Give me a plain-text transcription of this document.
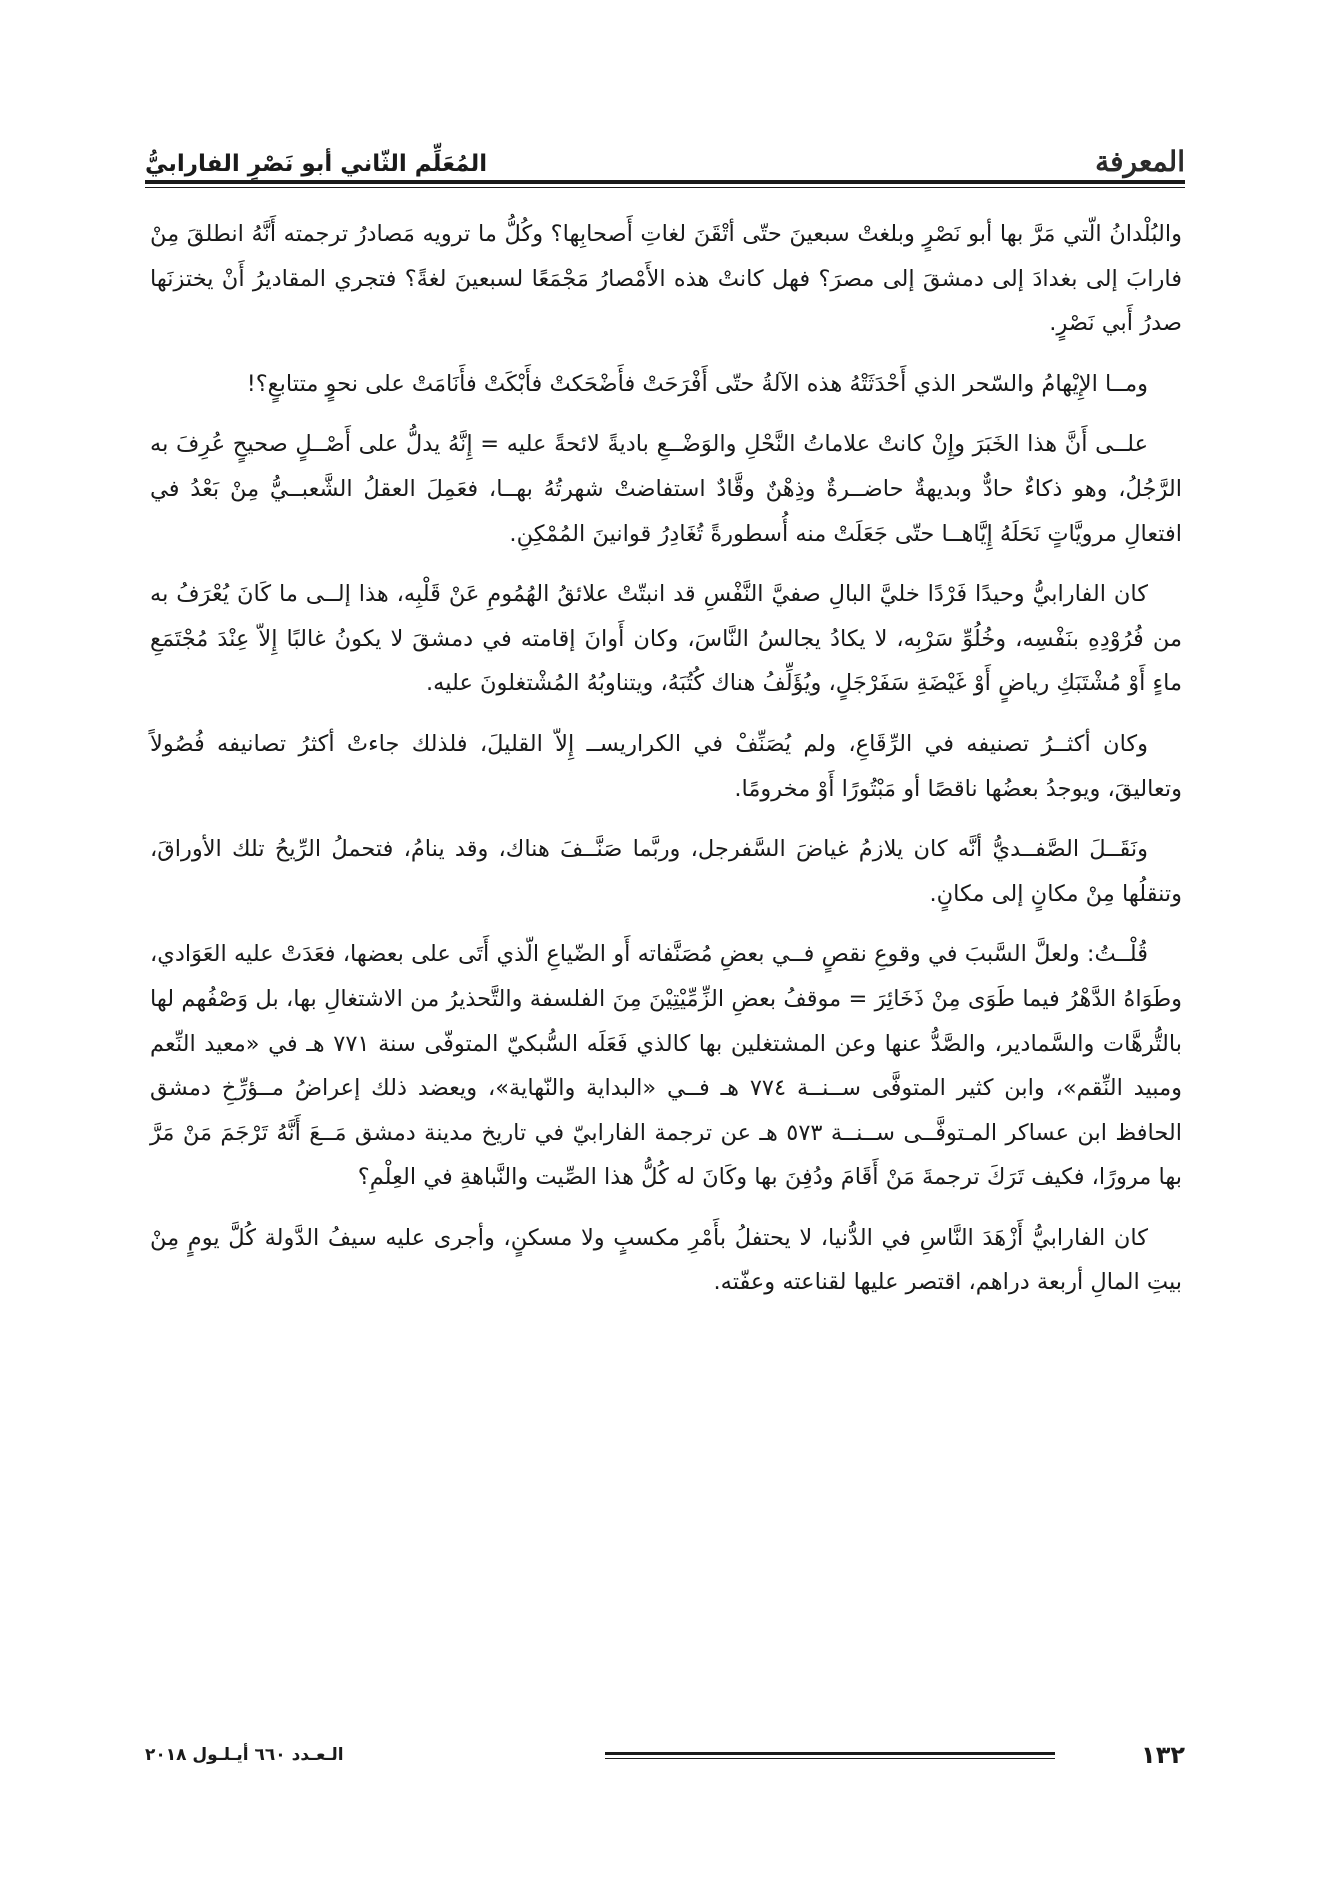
المعرفة
المُعَلِّم الثّاني أبو نَصْرٍ الفارابيُّ

والبُلْدانُ الّتي مَرَّ بها أبو نَصْرٍ وبلغتْ سبعينَ حتّى أتْقَنَ لغاتِ أَصحابِها؟ وكُلُّ ما ترويه مَصادرُ ترجمته أَنَّهُ انطلقَ مِنْ فارابَ إلى بغدادَ إلى دمشقَ إلى مصرَ؟ فهل كانتْ هذه الأَمْصارُ مَجْمَعًا لسبعينَ لغةً؟ فتجري المقاديرُ أَنْ يختزنَها صدرُ أَبي نَصْرٍ.

ومــا الإِيْهامُ والسّحر الذي أَحْدَثَتْهُ هذه الآلةُ حتّى أَفْرَحَتْ فأَضْحَكتْ فأَبْكَتْ فأَنَامَتْ على نحوٍ متتابعٍ؟!

علــى أَنَّ هذا الخَبَرَ وإِنْ كانتْ علاماتُ النَّحْلِ والوَضْــعِ باديةً لائحةً عليه = إِنَّهُ يدلُّ على أَصْــلٍ صحيحٍ عُرِفَ به الرَّجُلُ، وهو ذكاءٌ حادٌّ وبديهةٌ حاضــرةٌ وذِهْنٌ وقَّادٌ استفاضتْ شهرتُهُ بهــا، فعَمِلَ العقلُ الشَّعبــيُّ مِنْ بَعْدُ في افتعالِ مرويَّاتٍ نَحَلَهُ إِيَّاهــا حتّى جَعَلَتْ منه أُسطورةً تُغَادِرُ قوانينَ المُمْكِنِ.

كان الفارابيُّ وحيدًا فَرْدًا خليَّ البالِ صفيَّ النَّفْسِ قد انبتّتْ علائقُ الهُمُومِ عَنْ قَلْبِه، هذا إلــى ما كَانَ يُعْرَفُ به من فُرُوْدِهِ بنَفْسِه، وخُلُوِّ سَرْبِه، لا يكادُ يجالسُ النَّاسَ، وكان أَوانَ إقامته في دمشقَ لا يكونُ غالبًا إِلاّ عِنْدَ مُجْتَمَعِ ماءٍ أَوْ مُشْتَبَكِ رياضٍ أَوْ غَيْضَةِ سَفَرْجَلٍ، ويُؤَلِّفُ هناك كُتُبَهُ، ويتناوبُهُ المُشْتغلونَ عليه.

وكان أكثــرُ تصنيفه في الرِّقَاعِ، ولم يُصَنِّفْ في الكراريســ إِلاّ القليلَ، فلذلك جاءتْ أكثرُ تصانيفه فُصُولاً وتعاليقَ، ويوجدُ بعضُها ناقصًا أو مَبْتُورًا أَوْ مخرومًا.

ونَقَــلَ الصَّفــديُّ أنَّه كان يلازمُ غياضَ السَّفرجل، وربَّما صَنَّــفَ هناك، وقد ينامُ، فتحملُ الرِّيحُ تلك الأوراقَ، وتنقلُها مِنْ مكانٍ إلى مكانٍ.

قُلْــتُ: ولعلَّ السَّببَ في وقوعِ نقصٍ فــي بعضِ مُصَنَّفاته أَو الضّياعِ الّذي أَتَى على بعضها، فعَدَتْ عليه العَوَادي، وطَوَاهُ الدَّهْرُ فيما طَوَى مِنْ ذَخَائِرَ = موقفُ بعضِ الزِّمِّيْتِيْنَ مِنَ الفلسفة والتَّحذيرُ من الاشتغالِ بها، بل وَصْفُهم لها بالتُّرهَّات والسَّمادير، والصَّدُّ عنها وعن المشتغلين بها كالذي فَعَلَه السُّبكيّ المتوفّى سنة ٧٧١ هـ في «معيد النِّعم ومبيد النِّقم»، وابن كثير المتوفَّى ســنــة ٧٧٤ هـ فــي «البداية والنّهاية»، ويعضد ذلك إعراضُ مــؤرِّخِ دمشق الحافظ ابن عساكر المـتوفَّــى ســنــة ٥٧٣ هـ عن ترجمة الفارابيّ في تاريخ مدينة دمشق مَــعَ أَنَّهُ تَرْجَمَ مَنْ مَرَّ بها مرورًا، فكيف تَرَكَ ترجمةَ مَنْ أَقَامَ ودُفِنَ بها وكَانَ له كُلُّ هذا الصِّيت والنَّباهةِ في العِلْمِ؟

كان الفارابيُّ أَزْهَدَ النَّاسِ في الدُّنيا، لا يحتفلُ بأَمْرِ مكسبٍ ولا مسكنٍ، وأجرى عليه سيفُ الدَّولة كُلَّ يومٍ مِنْ بيتِ المالِ أربعة دراهم، اقتصر عليها لقناعته وعفّته.

١٣٢
الـعـدد ٦٦٠ أيـلـول ٢٠١٨
